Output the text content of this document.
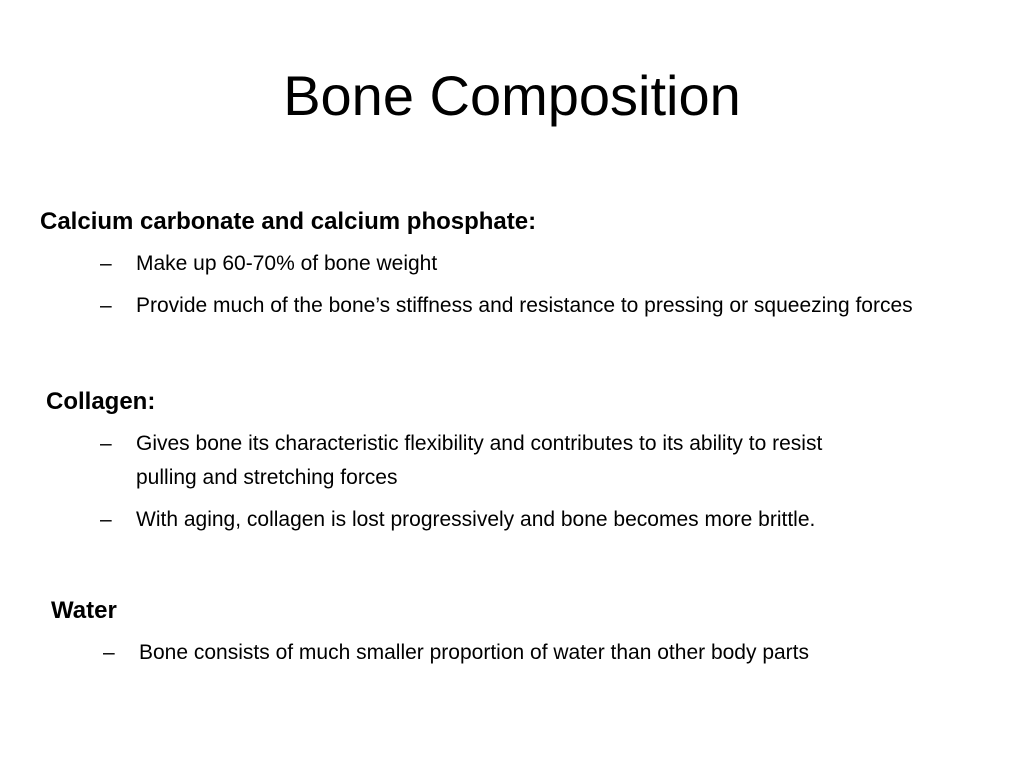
Bone Composition
Calcium carbonate and calcium phosphate:
–	Make up 60-70% of bone weight
–	Provide much of the bone’s stiffness and resistance to pressing or squeezing forces
Collagen:
–	Gives bone its characteristic flexibility and contributes to its ability to resist pulling and stretching forces
–	With aging, collagen is lost progressively and bone becomes more brittle.
Water
–	Bone consists of much smaller proportion of water than other body parts
